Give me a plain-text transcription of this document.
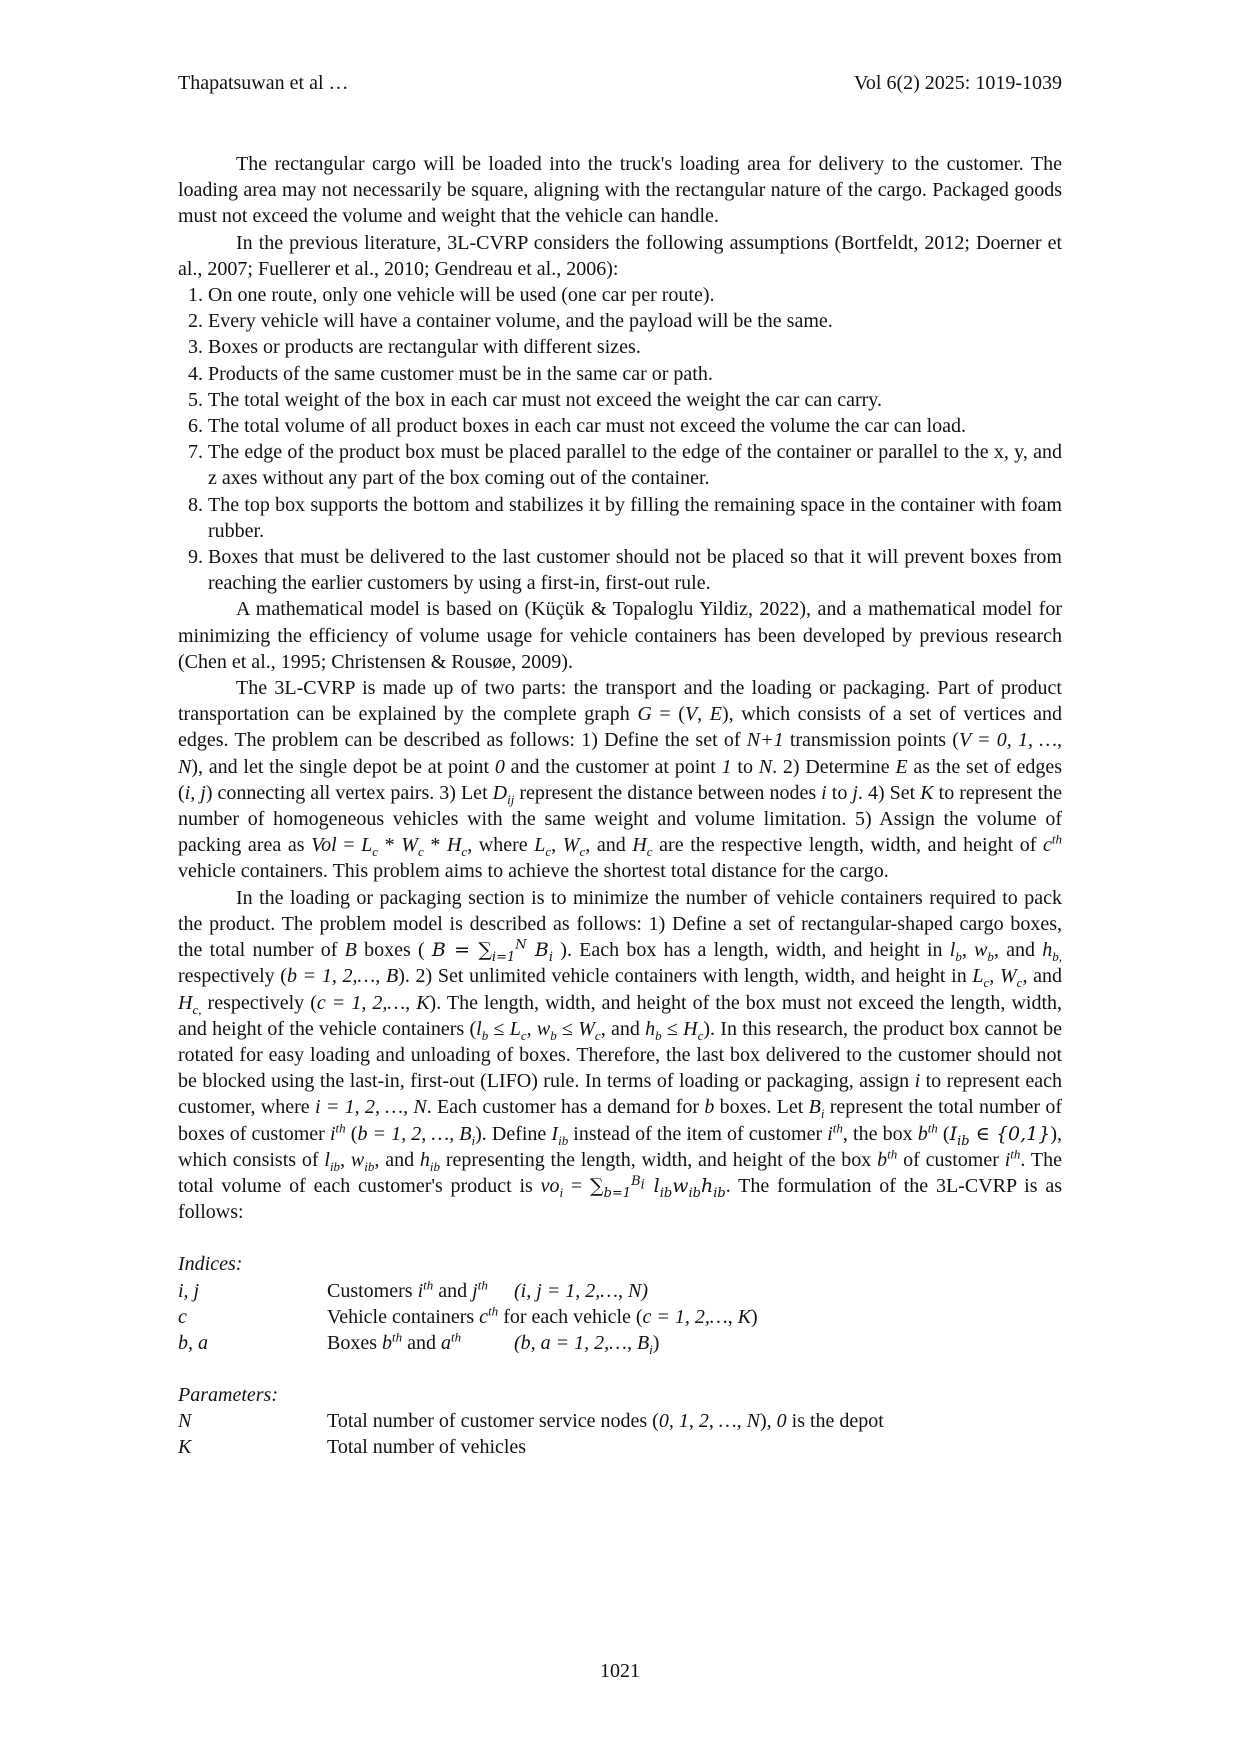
Thapatsuwan et al …	Vol 6(2) 2025: 1019-1039

The rectangular cargo will be loaded into the truck's loading area for delivery to the customer. The loading area may not necessarily be square, aligning with the rectangular nature of the cargo. Packaged goods must not exceed the volume and weight that the vehicle can handle.

In the previous literature, 3L-CVRP considers the following assumptions (Bortfeldt, 2012; Doerner et al., 2007; Fuellerer et al., 2010; Gendreau et al., 2006):

1. On one route, only one vehicle will be used (one car per route).
2. Every vehicle will have a container volume, and the payload will be the same.
3. Boxes or products are rectangular with different sizes.
4. Products of the same customer must be in the same car or path.
5. The total weight of the box in each car must not exceed the weight the car can carry.
6. The total volume of all product boxes in each car must not exceed the volume the car can load.
7. The edge of the product box must be placed parallel to the edge of the container or parallel to the x, y, and z axes without any part of the box coming out of the container.
8. The top box supports the bottom and stabilizes it by filling the remaining space in the container with foam rubber.
9. Boxes that must be delivered to the last customer should not be placed so that it will prevent boxes from reaching the earlier customers by using a first-in, first-out rule.

A mathematical model is based on (Küçük & Topaloglu Yildiz, 2022), and a mathematical model for minimizing the efficiency of volume usage for vehicle containers has been developed by previous research (Chen et al., 1995; Christensen & Rousøe, 2009).

The 3L-CVRP is made up of two parts: the transport and the loading or packaging. Part of product transportation can be explained by the complete graph G = (V, E), which consists of a set of vertices and edges. The problem can be described as follows: 1) Define the set of N+1 transmission points (V = 0, 1, …, N), and let the single depot be at point 0 and the customer at point 1 to N. 2) Determine E as the set of edges (i, j) connecting all vertex pairs. 3) Let $D_{ij}$ represent the distance between nodes i to j. 4) Set K to represent the number of homogeneous vehicles with the same weight and volume limitation. 5) Assign the volume of packing area as Vol = $L_c * W_c * H_c$, where $L_c$, $W_c$, and $H_c$ are the respective length, width, and height of $c^{th}$ vehicle containers. This problem aims to achieve the shortest total distance for the cargo.

In the loading or packaging section is to minimize the number of vehicle containers required to pack the product. The problem model is described as follows: 1) Define a set of rectangular-shaped cargo boxes, the total number of B boxes ( $B = \sum_{i=1}^N$ $B_i$ ). Each box has a length, width, and height in $l_b$, $w_b$, and $h_{b,}$ respectively (b = 1, 2,…, B). 2) Set unlimited vehicle containers with length, width, and height in $L_c$, $W_c$, and $H_{c,}$ respectively (c = 1, 2,…, K). The length, width, and height of the box must not exceed the length, width, and height of the vehicle containers ($l_b \le L_c$, $w_b \le W_c$, and $h_b \le H_c$). In this research, the product box cannot be rotated for easy loading and unloading of boxes. Therefore, the last box delivered to the customer should not be blocked using the last-in, first-out (LIFO) rule. In terms of loading or packaging, assign i to represent each customer, where i = 1, 2, …, N. Each customer has a demand for b boxes. Let $B_i$ represent the total number of boxes of customer $i^{th}$ (b = 1, 2, …, $B_i$). Define $I_{ib}$ instead of the item of customer $i^{th}$, the box $b^{th}$ ($I_{ib}$ ∈ {0,1}), which consists of $l_{ib}$, $w_{ib}$, and $h_{ib}$ representing the length, width, and height of the box $b^{th}$ of customer $i^{th}$. The total volume of each customer's product is $vo_i = \sum_{b=1}^{B_i}$ $l_{ib}w_{ib}h_{ib}$. The formulation of the 3L-CVRP is as follows:

Indices:
i, j	Customers $i^{th}$ and $j^{th}$ (i, j = 1, 2,…, N)
c	Vehicle containers $c^{th}$ for each vehicle (c = 1, 2,…, K)
b, a	Boxes $b^{th}$ and $a^{th}$	(b, a = 1, 2,…, $B_i$)
Parameters:
N	Total number of customer service nodes (0, 1, 2, …, N), 0 is the depot
K	Total number of vehicles
1021
